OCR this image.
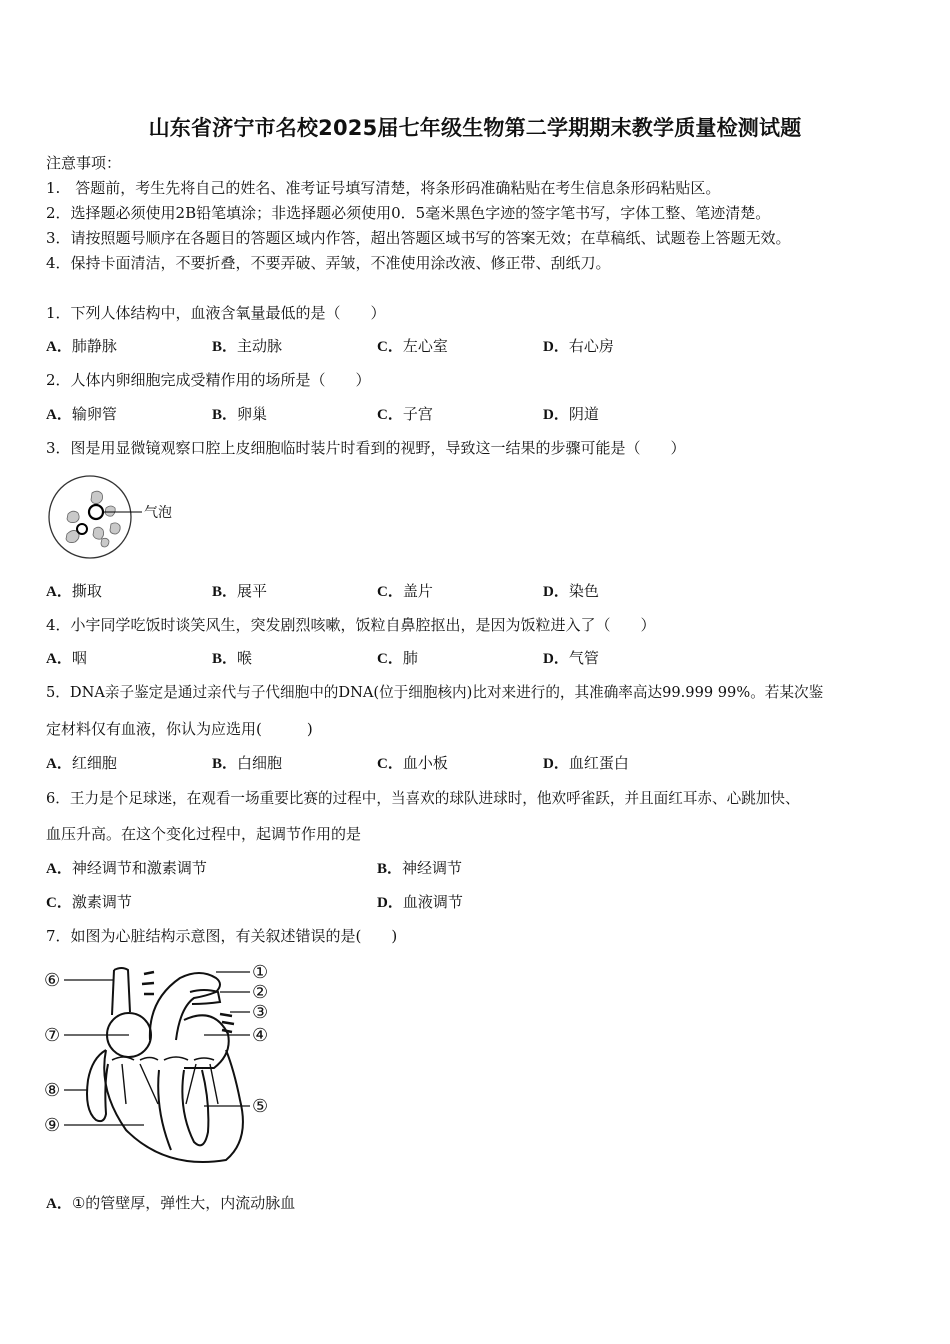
山东省济宁市名校2025届七年级生物第二学期期末教学质量检测试题
注意事项：
1.　答题前，考生先将自己的姓名、准考证号填写清楚，将条形码准确粘贴在考生信息条形码粘贴区。
2．选择题必须使用2B铅笔填涂；非选择题必须使用0．5毫米黑色字迹的签字笔书写，字体工整、笔迹清楚。
3．请按照题号顺序在各题目的答题区域内作答，超出答题区域书写的答案无效；在草稿纸、试题卷上答题无效。
4．保持卡面清洁，不要折叠，不要弄破、弄皱，不准使用涂改液、修正带、刮纸刀。
1．下列人体结构中，血液含氧量最低的是（　　）
A．肺静脉	B．主动脉	C．左心室	D．右心房
2．人体内卵细胞完成受精作用的场所是（　　）
A．输卵管	B．卵巢	C．子宫	D．阴道
3．图是用显微镜观察口腔上皮细胞临时装片时看到的视野，导致这一结果的步骤可能是（　　）
气泡
A．撕取	B．展平	C．盖片	D．染色
4．小宇同学吃饭时谈笑风生，突发剧烈咳嗽，饭粒自鼻腔抠出，是因为饭粒进入了（　　）
A．咽	B．喉	C．肺	D．气管
5．DNA亲子鉴定是通过亲代与子代细胞中的DNA(位于细胞核内)比对来进行的，其准确率高达99.999 99%。若某次鉴
定材料仅有血液，你认为应选用(　　　)
A．红细胞	B．白细胞	C．血小板	D．血红蛋白
6．王力是个足球迷，在观看一场重要比赛的过程中，当喜欢的球队进球时，他欢呼雀跃，并且面红耳赤、心跳加快、
血压升高。在这个变化过程中，起调节作用的是
A．神经调节和激素调节	B．神经调节
C．激素调节	D．血液调节
7．如图为心脏结构示意图，有关叙述错误的是(　　)
①
②
③
④
⑤
⑥
⑦
⑧
⑨
A．①的管壁厚，弹性大，内流动脉血
